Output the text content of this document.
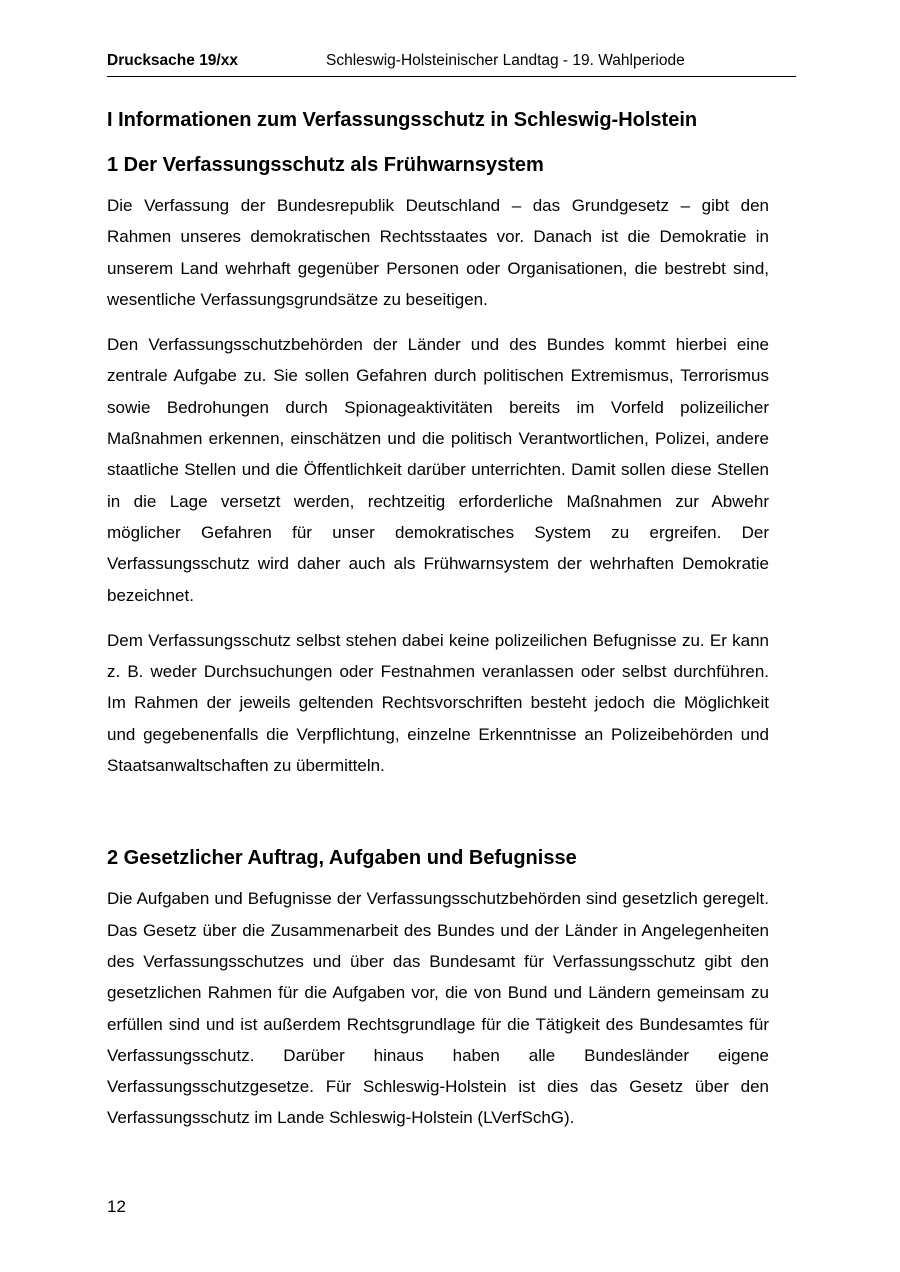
Drucksache 19/xx	Schleswig-Holsteinischer Landtag - 19. Wahlperiode
I Informationen zum Verfassungsschutz in Schleswig-Holstein
1 Der Verfassungsschutz als Frühwarnsystem

Die Verfassung der Bundesrepublik Deutschland – das Grundgesetz – gibt den Rahmen unseres demokratischen Rechtsstaates vor. Danach ist die Demokratie in unserem Land wehrhaft gegenüber Personen oder Organisationen, die bestrebt sind, wesentliche Verfassungsgrundsätze zu beseitigen.

Den Verfassungsschutzbehörden der Länder und des Bundes kommt hierbei eine zentrale Aufgabe zu. Sie sollen Gefahren durch politischen Extremismus, Terrorismus sowie Bedrohungen durch Spionageaktivitäten bereits im Vorfeld polizeilicher Maßnahmen erkennen, einschätzen und die politisch Verantwortlichen, Polizei, andere staatliche Stellen und die Öffentlichkeit darüber unterrichten. Damit sollen diese Stellen in die Lage versetzt werden, rechtzeitig erforderliche Maßnahmen zur Abwehr möglicher Gefahren für unser demokratisches System zu ergreifen. Der Verfassungsschutz wird daher auch als Frühwarnsystem der wehrhaften Demokratie bezeichnet.

Dem Verfassungsschutz selbst stehen dabei keine polizeilichen Befugnisse zu. Er kann z. B. weder Durchsuchungen oder Festnahmen veranlassen oder selbst durchführen. Im Rahmen der jeweils geltenden Rechtsvorschriften besteht jedoch die Möglichkeit und gegebenenfalls die Verpflichtung, einzelne Erkenntnisse an Polizeibehörden und Staatsanwaltschaften zu übermitteln.

2 Gesetzlicher Auftrag, Aufgaben und Befugnisse

Die Aufgaben und Befugnisse der Verfassungsschutzbehörden sind gesetzlich geregelt. Das Gesetz über die Zusammenarbeit des Bundes und der Länder in Angelegenheiten des Verfassungsschutzes und über das Bundesamt für Verfassungsschutz gibt den gesetzlichen Rahmen für die Aufgaben vor, die von Bund und Ländern gemeinsam zu erfüllen sind und ist außerdem Rechtsgrundlage für die Tätigkeit des Bundesamtes für Verfassungsschutz. Darüber hinaus haben alle Bundesländer eigene Verfassungsschutzgesetze. Für Schleswig-Holstein ist dies das Gesetz über den Verfassungsschutz im Lande Schleswig-Holstein (LVerfSchG).

12
